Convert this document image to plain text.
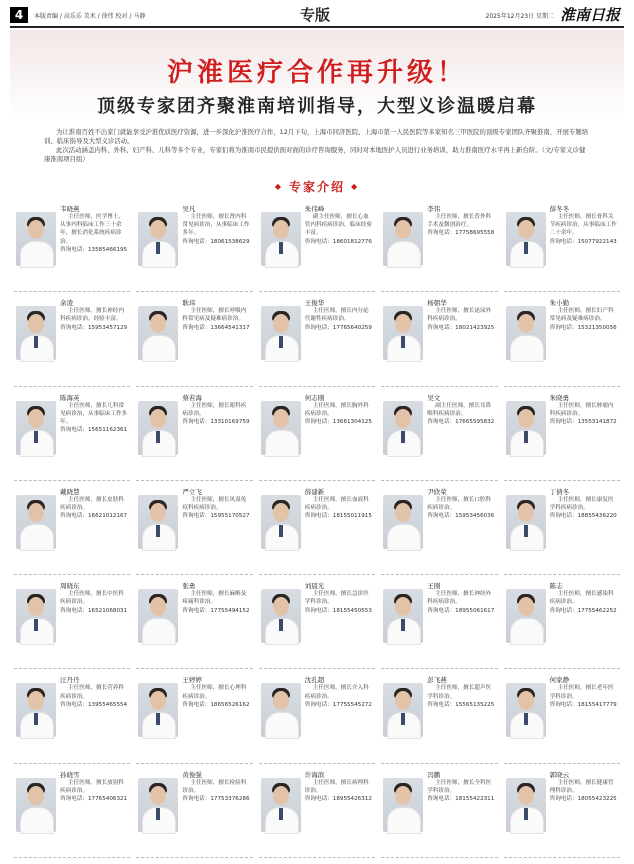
4	本版责编 / 高乐乐 美术 / 徐伟 校对 / 马静	专版	2025年12月23日 星期二 淮南日报
沪淮医疗合作再升级！
顶级专家团齐聚淮南培训指导，大型义诊温暖启幕

为让淮南百姓不出家门就能享受沪淮优质医疗资源，进一步深化沪淮医疗合作，12月下旬，上海市同济医院、上海市第一人民医院等多家知名三甲医院的顶级专家团队齐聚淮南，开展专题培训、临床指导及大型义诊活动。

此次活动涵盖内科、外科、妇产科、儿科等多个专业，专家们将为淮南市民提供面对面的诊疗咨询服务，同时对本地医护人员进行业务培训，助力淮南医疗水平再上新台阶。（文/专家义诊健康淮南项目组）

◆ 专家介绍 ◆
韦晓燕
主任医师，医学博士，从事内科临床工作三十余年，擅长消化系统疾病诊治。
咨询电话：13585466195
吴凡
主任医师，擅长肾内科常见病诊治，从事临床工作多年。
咨询电话：18061538629
朱伟峰
副主任医师，擅长心血管内科疾病诊治，临床经验丰富。
咨询电话：18601812776
李伟
主任医师，擅长普外科手术及微创治疗。
咨询电话：17758695558
薛冬冬
主任医师，擅长骨科关节疾病诊治，从事临床工作二十余年。
咨询电话：15077922143
余凌
主任医师，擅长神经内科疾病诊治，经验丰富。
咨询电话：15953457129
耿玮
主任医师，擅长呼吸内科常见病及疑难病诊治。
咨询电话：13664541317
王俊华
主任医师，擅长内分泌代谢性疾病诊治。
咨询电话：17765640259
杨朝华
主任医师，擅长泌尿外科疾病诊治。
咨询电话：18021423925
朱小勤
主任医师，擅长妇产科常见病及疑难病诊治。
咨询电话：15321350056
陈海英
主任医师，擅长儿科常见病诊治，从事临床工作多年。
咨询电话：15651162361
蔡若海
主任医师，擅长眼科疾病诊治。
咨询电话：13310169759
何志刚
主任医师，擅长胸外科疾病诊治。
咨询电话：13661304125
吴文
副主任医师，擅长耳鼻喉科疾病诊治。
咨询电话：17665595832
朱晓勇
主任医师，擅长肿瘤内科疾病诊治。
咨询电话：13553141872
戴晓慧
主任医师，擅长皮肤科疾病诊治。
咨询电话：16621012167
严立飞
主任医师，擅长风湿免疫科疾病诊治。
咨询电话：15955170527
薛建新
主任医师，擅长血液科疾病诊治。
咨询电话：18155011915
尹欣荣
主任医师，擅长口腔科疾病诊治。
咨询电话：15953456036
丁倩冬
主任医师，擅长康复医学科疾病诊治。
咨询电话：18855436220
周晓东
主任医师，擅长中医科疾病诊治。
咨询电话：16521068031
张勇
主任医师，擅长麻醉及疼痛科诊治。
咨询电话：17755494152
刘晨光
主任医师，擅长急诊医学科诊治。
咨询电话：18155450553
王刚
主任医师，擅长神经外科疾病诊治。
咨询电话：18955061617
陈志
主任医师，擅长感染科疾病诊治。
咨询电话：17755462252
汪丹丹
主任医师，擅长营养科疾病诊治。
咨询电话：13955465554
王婷婷
主任医师，擅长心理科疾病诊治。
咨询电话：18656526162
沈孔超
主任医师，擅长介入科疾病诊治。
咨询电话：17755545272
彭飞燕
主任医师，擅长超声医学科诊治。
咨询电话：15565135225
何家静
主任医师，擅长老年医学科诊治。
咨询电话：18155417779
孙晓雪
主任医师，擅长放射科疾病诊治。
咨询电话：17765406321
黄俊强
主任医师，擅长检验科诊治。
咨询电话：17753376286
许海滨
主任医师，擅长病理科诊治。
咨询电话：18955426312
冯鹏
主任医师，擅长全科医学科诊治。
咨询电话：18155422311
郭晓云
主任医师，擅长健康管理科诊治。
咨询电话：18055423225
